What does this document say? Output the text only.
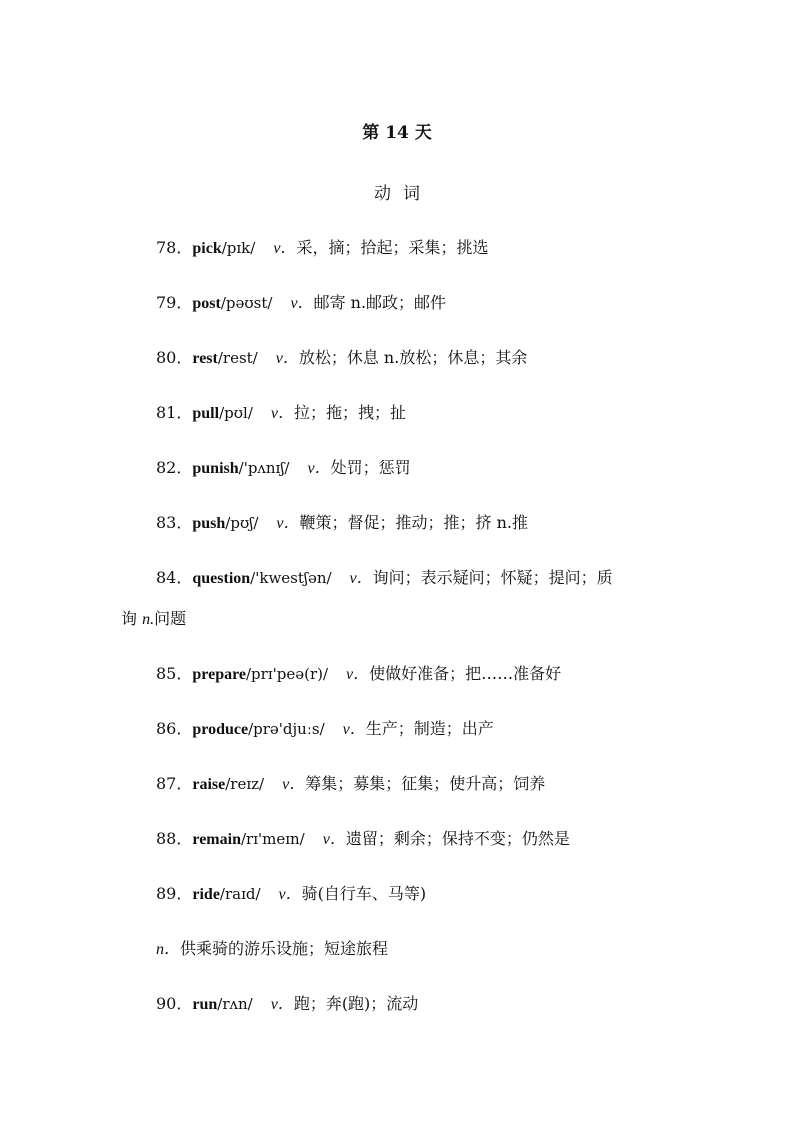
第 14 天
动词
78．pick/pɪk/ v．采，摘；拾起；采集；挑选
79．post/pəʊst/ v．邮寄 n.邮政；邮件
80．rest/rest/ v．放松；休息 n.放松；休息；其余
81．pull/pʊl/ v．拉；拖；拽；扯
82．punish/'pʌnɪʃ/ v．处罚；惩罚
83．push/pʊʃ/ v．鞭策；督促；推动；推；挤 n.推
84．question/'kwestʃən/ v．询问；表示疑问；怀疑；提问；质
询 n.问题
85．prepare/prɪ'peə(r)/ v．使做好准备；把……准备好
86．produce/prə'djuːs/ v．生产；制造；出产
87．raise/reɪz/ v．筹集；募集；征集；使升高；饲养
88．remain/rɪ'meɪn/ v．遗留；剩余；保持不变；仍然是
89．ride/raɪd/ v．骑(自行车、马等)
n．供乘骑的游乐设施；短途旅程
90．run/rʌn/ v．跑；奔(跑)；流动
